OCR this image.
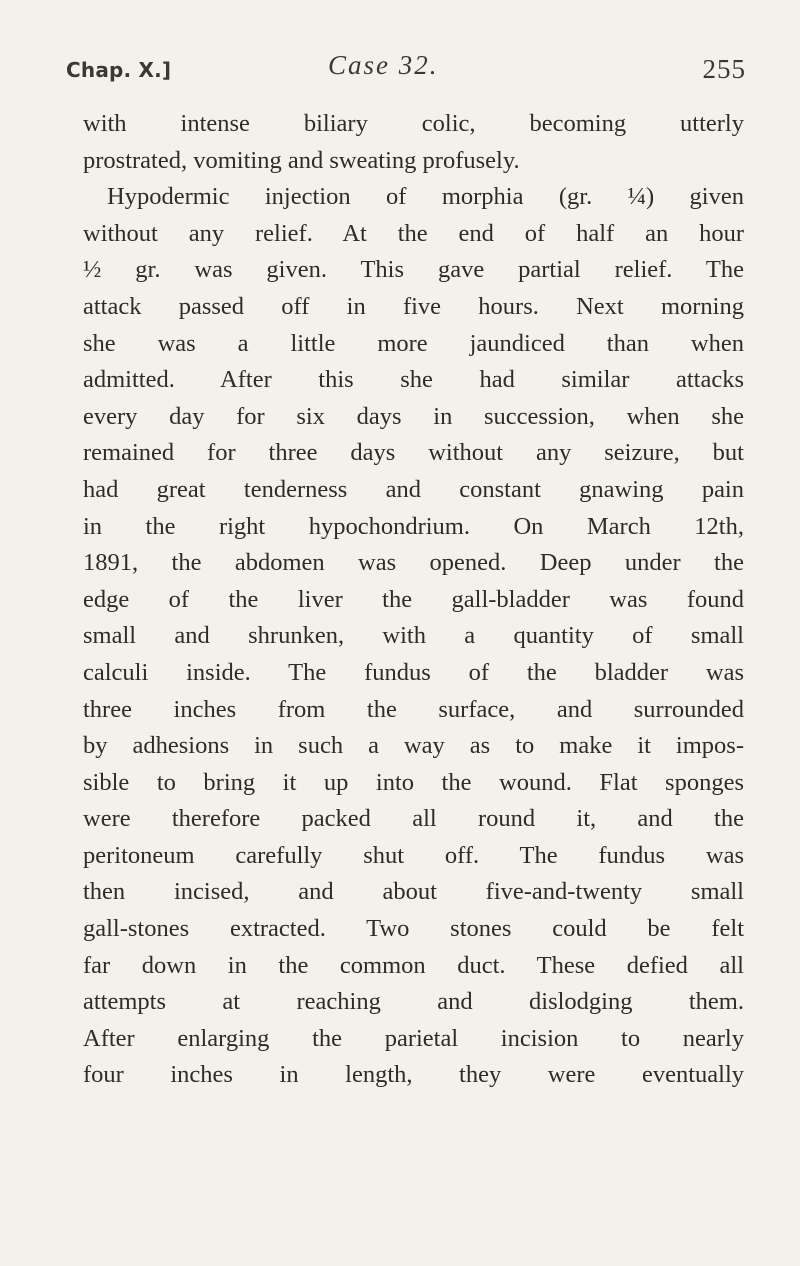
Chap. X.]	Case 32.	255
with intense biliary colic, becoming utterly
prostrated, vomiting and sweating profusely.
Hypodermic injection of morphia (gr. ¼) given
without any relief. At the end of half an hour
½ gr. was given. This gave partial relief. The
attack passed off in five hours. Next morning
she was a little more jaundiced than when
admitted. After this she had similar attacks
every day for six days in succession, when she
remained for three days without any seizure, but
had great tenderness and constant gnawing pain
in the right hypochondrium. On March 12th,
1891, the abdomen was opened. Deep under the
edge of the liver the gall-bladder was found
small and shrunken, with a quantity of small
calculi inside. The fundus of the bladder was
three inches from the surface, and surrounded
by adhesions in such a way as to make it impos-
sible to bring it up into the wound. Flat sponges
were therefore packed all round it, and the
peritoneum carefully shut off. The fundus was
then incised, and about five-and-twenty small
gall-stones extracted. Two stones could be felt
far down in the common duct. These defied all
attempts at reaching and dislodging them.
After enlarging the parietal incision to nearly
four inches in length, they were eventually
